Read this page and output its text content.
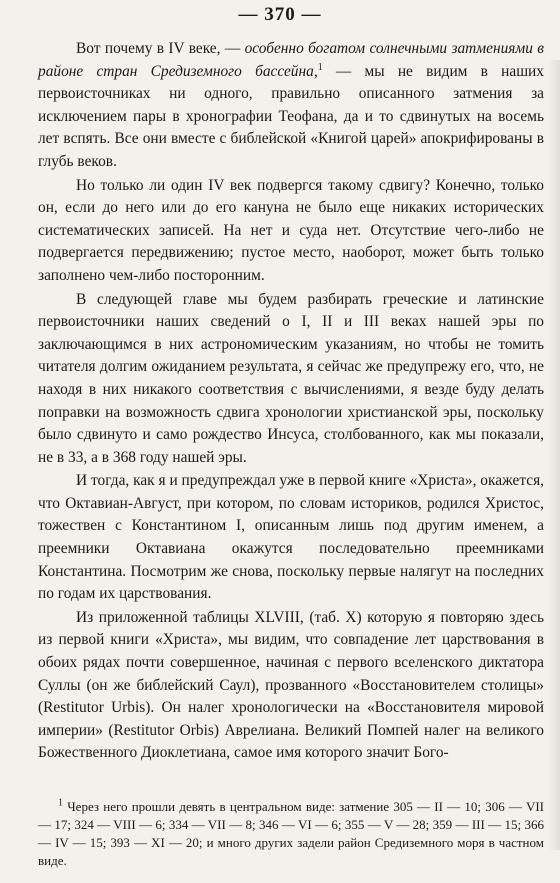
— 370 —

Вот почему в IV веке, — особенно богатом солнечными затмениями в районе стран Средиземного бассейна,$^1$ — мы не видим в наших первоисточниках ни одного, правильно описанного затмения за исключением пары в хронографии Теофана, да и то сдвинутых на восемь лет вспять. Все они вместе с библейской «Книгой царей» апокрифированы в глубь веков.

Но только ли один IV век подвергся такому сдвигу? Конечно, только он, если до него или до его кануна не было еще никаких исторических систематических записей. На нет и суда нет. Отсутствие чего-либо не подвергается передвижению; пустое место, наоборот, может быть только заполнено чем-либо посторонним.

В следующей главе мы будем разбирать греческие и латинские первоисточники наших сведений о I, II и III веках нашей эры по заключающимся в них астрономическим указаниям, но чтобы не томить читателя долгим ожиданием результата, я сейчас же предупрежу его, что, не находя в них никакого соответствия с вычислениями, я везде буду делать поправки на возможность сдвига хронологии христианской эры, поскольку было сдвинуто и само рождество Инсуса, столбованного, как мы показали, не в 33, а в 368 году нашей эры.

И тогда, как я и предупреждал уже в первой книге «Христа», окажется, что Октавиан-Август, при котором, по словам историков, родился Христос, тожествен с Константином I, описанным лишь под другим именем, а преемники Октавиана окажутся последовательно преемниками Константина. Посмотрим же снова, поскольку первые налягут на последних по годам их царствования.

Из приложенной таблицы XLVIII, (таб. X) которую я повторяю здесь из первой книги «Христа», мы видим, что совпадение лет царствования в обоих рядах почти совершенное, начиная с первого вселенского диктатора Суллы (он же библейский Саул), прозванного «Восстановителем столицы» (Restitutor Urbis). Он налег хронологически на «Восстановителя мировой империи» (Restitutor Orbis) Аврелиана. Великий Помпей налег на великого Божественного Диоклетиана, самое имя которого значит Бого-

$^1$ Через него прошли девять в центральном виде: затмение 305 — II — 10; 306 — VII — 17; 324 — VIII — 6; 334 — VII — 8; 346 — VI — 6; 355 — V — 28; 359 — III — 15; 366 — IV — 15; 393 — XI — 20; и много других задели район Средиземного моря в частном виде.
